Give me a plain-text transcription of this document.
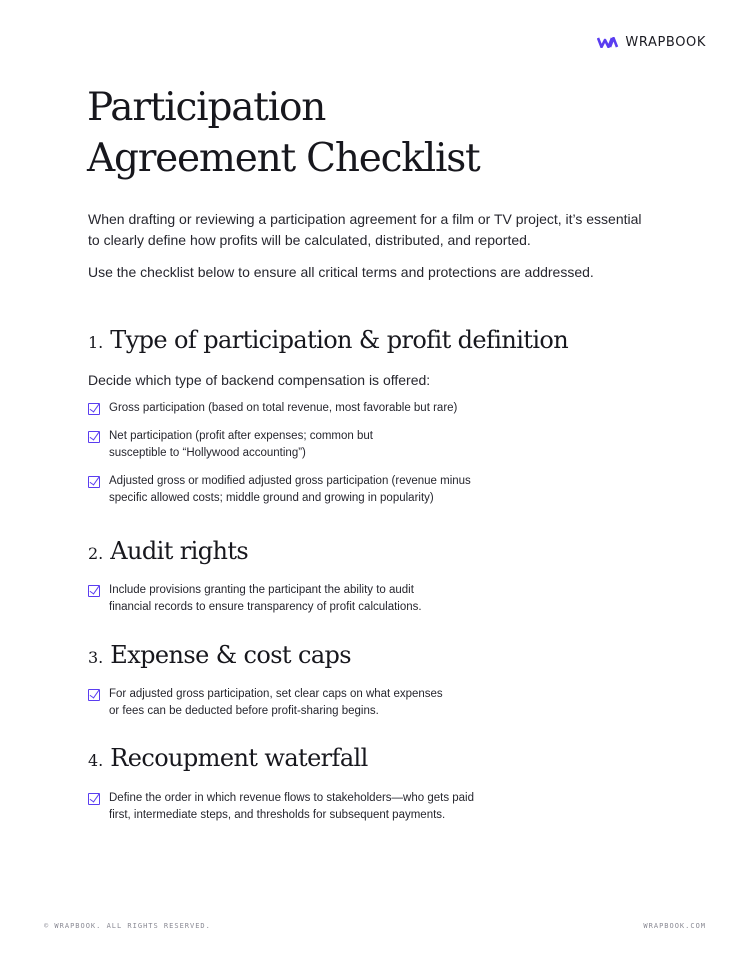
WRAPBOOK
Participation
Agreement Checklist

When drafting or reviewing a participation agreement for a film or TV project, it’s essential to clearly define how profits will be calculated, distributed, and reported.

Use the checklist below to ensure all critical terms and protections are addressed.

1. Type of participation & profit definition

Decide which type of backend compensation is offered:

Gross participation (based on total revenue, most favorable but rare)
Net participation (profit after expenses; common but
susceptible to “Hollywood accounting”)
Adjusted gross or modified adjusted gross participation (revenue minus
specific allowed costs; middle ground and growing in popularity)
2. Audit rights
Include provisions granting the participant the ability to audit
financial records to ensure transparency of profit calculations.
3. Expense & cost caps
For adjusted gross participation, set clear caps on what expenses
or fees can be deducted before profit-sharing begins.
4. Recoupment waterfall
Define the order in which revenue flows to stakeholders—who gets paid
first, intermediate steps, and thresholds for subsequent payments.
© WRAPBOOK. ALL RIGHTS RESERVED.	WRAPBOOK.COM
